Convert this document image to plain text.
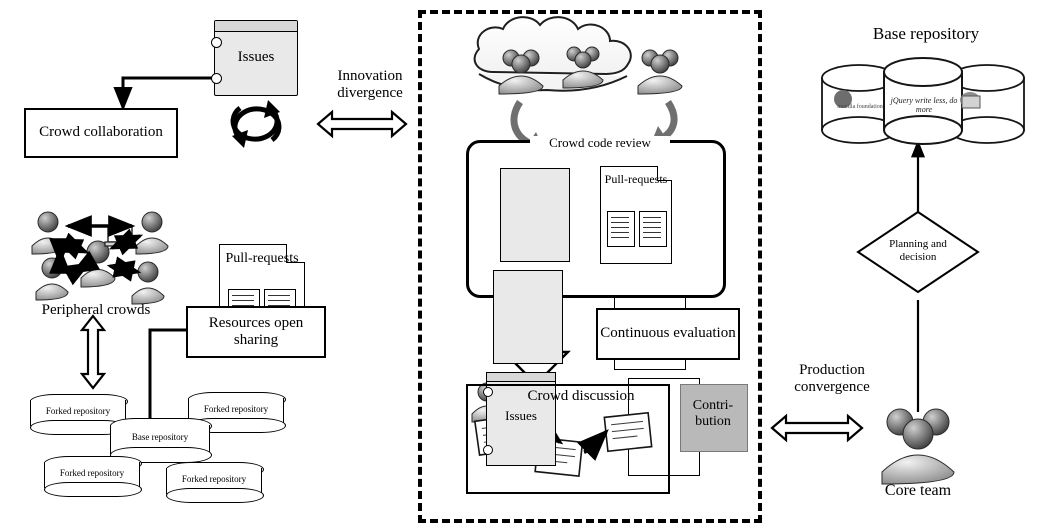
Issues
Crowd collaboration
Pull-requests
Peripheral crowds
Resources open sharing
Forked repository	Forked repository
Base repository
Forked repository
Forked repository
Innovation divergence
Crowd code review
Issues
Pull-requests
Continuous evaluation
Crowd discussion
Contri-bution
Base repository
mozilla foundation
jQuery write less, do more
Planning and decision
Production convergence
Core team
